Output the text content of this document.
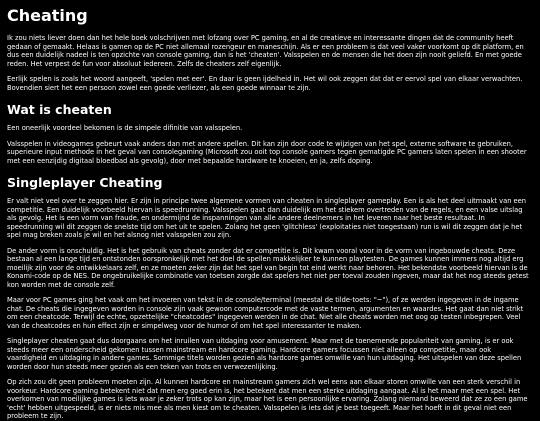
Cheating

Ik zou niets liever doen dan het hele boek volschrijven met lofzang over PC gaming, en al de creatieve en interessante dingen dat de community heeft gedaan of gemaakt. Helaas is gamen op de PC niet allemaal rozengeur en maneschijn. Als er een probleem is dat veel vaker voorkomt op dit platform, en dus een duidelijk nadeel is ten opzichte van console gaming, dan is het 'cheaten'. Valsspelen en de mensen die het doen zijn nooit geliefd. En met goede reden. Het verpest de fun voor absoluut iedereen. Zelfs de cheaters zelf eigenlijk.

Eerlijk spelen is zoals het woord aangeeft, 'spelen met eer'. En daar is geen ijdelheid in. Het wil ook zeggen dat dat er eervol spel van elkaar verwachten. Bovendien siert het een persoon zowel een goede verliezer, als een goede winnaar te zijn.

Wat is cheaten

Een oneerlijk voordeel bekomen is de simpele difinitie van valsspelen.

Valsspelen in videogames gebeurt vaak anders dan met andere spellen. Dit kan zijn door code te wijzigen van het spel, externe software te gebruiken, superieure input methode in het geval van consolegaming (Microsoft zou ooit top console gamers tegen gematigde PC gamers laten spelen in een shooter met een eenzijdig digitaal bloedbad als gevolg), door met bepaalde hardware te knoeien, en ja, zelfs doping.

Singleplayer Cheating

Er valt niet veel over te zeggen hier. Er zijn in principe twee algemene vormen van cheaten in singleplayer gameplay. Een is als het deel uitmaakt van een competitie. Een duidelijk voorbeeld hiervan is speedrunning. Valsspelen gaat dan duidelijk om het stiekem overtreden van de regels, en een valse uitslag als gevolg. Het is een vorm van fraude, en ondermijnd de inspanningen van alle andere deelnemers in het leveren naar het beste resultaat. In speedrunning wil dit zeggen de snelste tijd om het uit te spelen. Zolang het geen 'glitchless' (exploitaties niet toegestaan) run is wil dit zeggen dat je het spel mag breken zoals je wil en het alsnog niet valsspelen zou zijn.

De ander vorm is onschuldig. Het is het gebruik van cheats zonder dat er competitie is. Dit kwam vooral voor in de vorm van ingebouwde cheats. Deze bestaan al een lange tijd en ontstonden oorspronkelijk met het doel de spellen makkelijker te kunnen playtesten. De games kunnen immers nog altijd erg moeilijk zijn voor de ontwikkelaars zelf, en ze moeten zeker zijn dat het spel van begin tot eind werkt naar behoren. Het bekendste voorbeeld hiervan is de Konami-code op de NES. De ongebruikelijke combinatie van toetsen zorgde dat spelers het niet per toeval zouden ingeven, maar dat het nog steeds getest kon worden met de console zelf.

Maar voor PC games ging het vaak om het invoeren van tekst in de console/terminal (meestal de tilde-toets: "~"), of ze werden ingegeven in de ingame chat. De cheats die ingegeven worden in console zijn vaak gewoon computercode met de vaste termen, argumenten en waardes. Het gaat dan niet strikt om een cheatcode. Terwijl de echte, opzettelijke "cheatcodes" ingegeven werden in de chat. Niet alle cheats worden met oog op testen inbegrepen. Veel van de cheatcodes en hun effect zijn er simpelweg voor de humor of om het spel interessanter te maken.

Singleplayer cheaten gaat dus doorgaans om het inruilen van uitdaging voor amusement. Maar met de toenemende populariteit van gaming, is er ook steeds meer een onderscheid gekomen tussen mainstream en hardcore gaming. Hardcore gamers focussen niet alleen op competitie, maar ook vaardigheid en uitdaging in andere games. Sommige titels worden gezien als hardcore games omwille van hun uitdaging. Het uitspelen van deze spellen worden door hun steeds meer gezien als een teken van trots en verwezenlijking.

Op zich zou dit geen probleem moeten zijn. Al kunnen hardcore en mainstream gamers zich wel eens aan elkaar storen omwille van een sterk verschil in voorkeur. Hardcore gaming betekent niet dat men erg goed erin is, het betekent dat men een sterke uitdaging aangaat. Al is het maar met een spel. Het overkomen van moeilijke games is iets waar je zeker trots op kan zijn, maar het is een persoonlijke ervaring. Zolang niemand beweerd dat ze zo een game 'echt' hebben uitgespeeld, is er niets mis mee als men kiest om te cheaten. Valsspelen is iets dat je best toegeeft. Maar het hoeft in dit geval niet een probleem te zijn.
